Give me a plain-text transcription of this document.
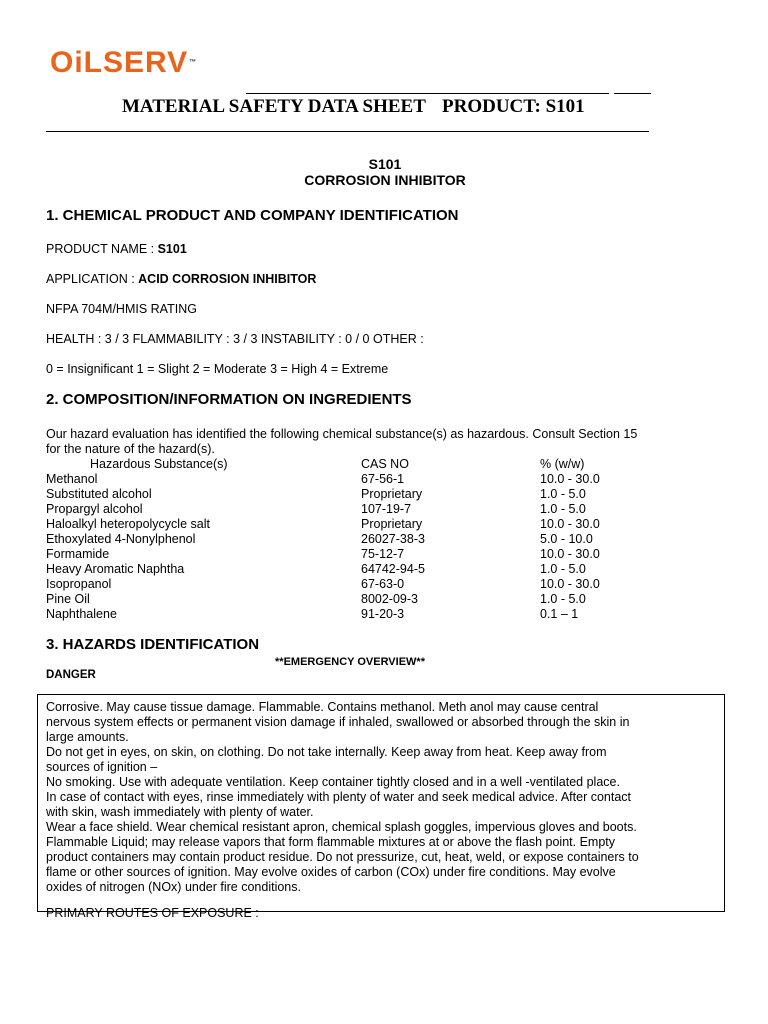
OiLSERV™
MATERIAL SAFETY DATA SHEET PRODUCT: S101
S101
CORROSION INHIBITOR
1. CHEMICAL PRODUCT AND COMPANY IDENTIFICATION
PRODUCT NAME : S101
APPLICATION : ACID CORROSION INHIBITOR
NFPA 704M/HMIS RATING
HEALTH : 3 / 3 FLAMMABILITY : 3 / 3 INSTABILITY : 0 / 0 OTHER :
0 = Insignificant 1 = Slight 2 = Moderate 3 = High 4 = Extreme
2. COMPOSITION/INFORMATION ON INGREDIENTS
Our hazard evaluation has identified the following chemical substance(s) as hazardous. Consult Section 15 for the nature of the hazard(s).
Hazardous Substance(s)	CAS NO	% (w/w)
Methanol	67-56-1	10.0 - 30.0
Substituted alcohol	Proprietary	1.0 - 5.0
Propargyl alcohol	107-19-7	1.0 - 5.0
Haloalkyl heteropolycycle salt	Proprietary	10.0 - 30.0
Ethoxylated 4-Nonylphenol	26027-38-3	5.0 - 10.0
Formamide	75-12-7	10.0 - 30.0
Heavy Aromatic Naphtha	64742-94-5	1.0 - 5.0
Isopropanol	67-63-0	10.0 - 30.0
Pine Oil	8002-09-3	1.0 - 5.0
Naphthalene	91-20-3	0.1 – 1
3. HAZARDS IDENTIFICATION
**EMERGENCY OVERVIEW**
DANGER
Corrosive. May cause tissue damage. Flammable. Contains methanol. Meth anol may cause central nervous system effects or permanent vision damage if inhaled, swallowed or absorbed through the skin in large amounts.
Do not get in eyes, on skin, on clothing. Do not take internally. Keep away from heat. Keep away from sources of ignition –
No smoking. Use with adequate ventilation. Keep container tightly closed and in a well -ventilated place.
In case of contact with eyes, rinse immediately with plenty of water and seek medical advice. After contact with skin, wash immediately with plenty of water.
Wear a face shield. Wear chemical resistant apron, chemical splash goggles, impervious gloves and boots.
Flammable Liquid; may release vapors that form flammable mixtures at or above the flash point. Empty product containers may contain product residue. Do not pressurize, cut, heat, weld, or expose containers to flame or other sources of ignition. May evolve oxides of carbon (COx) under fire conditions. May evolve oxides of nitrogen (NOx) under fire conditions.
PRIMARY ROUTES OF EXPOSURE :
